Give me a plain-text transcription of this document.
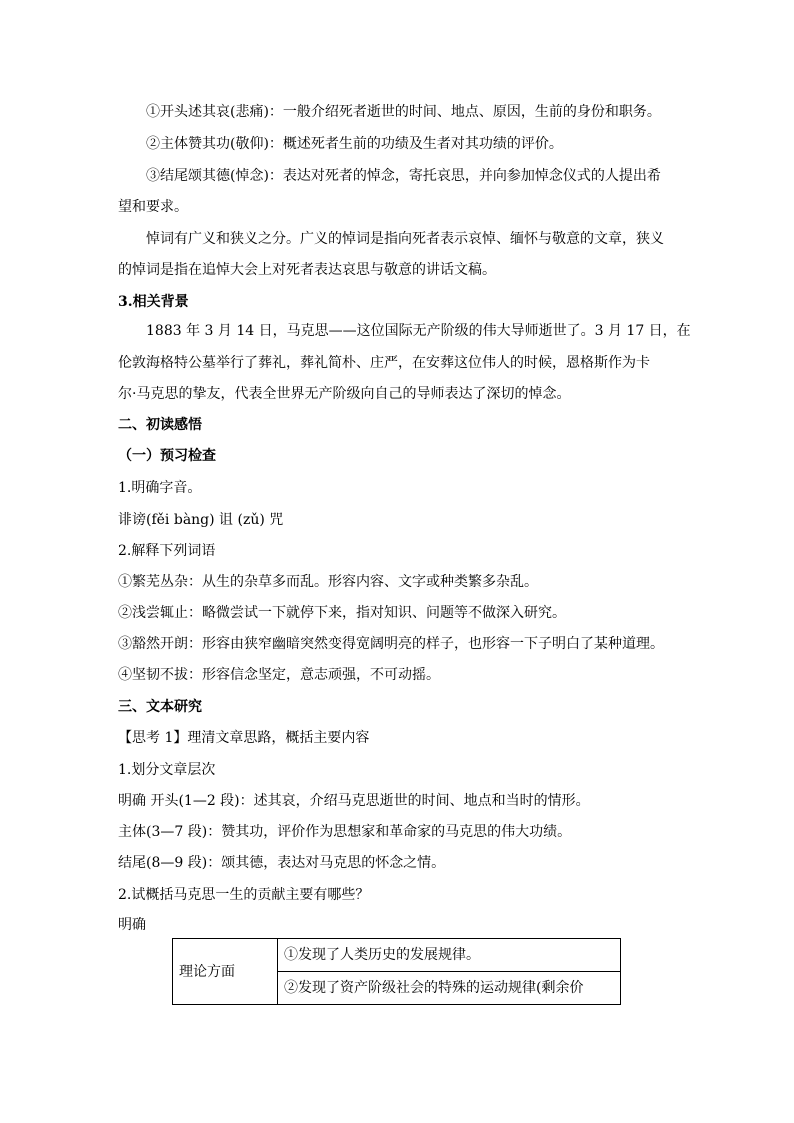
①开头述其哀(悲痛)：一般介绍死者逝世的时间、地点、原因，生前的身份和职务。
②主体赞其功(敬仰)：概述死者生前的功绩及生者对其功绩的评价。
③结尾颂其德(悼念)：表达对死者的悼念，寄托哀思，并向参加悼念仪式的人提出希
望和要求。
悼词有广义和狭义之分。广义的悼词是指向死者表示哀悼、缅怀与敬意的文章，狭义
的悼词是指在追悼大会上对死者表达哀思与敬意的讲话文稿。
3.相关背景
1883 年 3 月 14 日，马克思——这位国际无产阶级的伟大导师逝世了。3 月 17 日，在
伦敦海格特公墓举行了葬礼，葬礼简朴、庄严，在安葬这位伟人的时候，恩格斯作为卡
尔·马克思的挚友，代表全世界无产阶级向自己的导师表达了深切的悼念。
二、初读感悟
（一）预习检查
1.明确字音。
诽谤(fěi bàng) 诅 (zǔ) 咒
2.解释下列词语
①繁芜丛杂：从生的杂草多而乱。形容内容、文字或种类繁多杂乱。
②浅尝辄止：略微尝试一下就停下来，指对知识、问题等不做深入研究。
③豁然开朗：形容由狭窄幽暗突然变得宽阔明亮的样子，也形容一下子明白了某种道理。
④坚韧不拔：形容信念坚定，意志顽强，不可动摇。
三、文本研究
【思考 1】理清文章思路，概括主要内容
1.划分文章层次
明确 开头(1—2 段)：述其哀，介绍马克思逝世的时间、地点和当时的情形。
主体(3—7 段)：赞其功，评价作为思想家和革命家的马克思的伟大功绩。
结尾(8—9 段)：颂其德，表达对马克思的怀念之情。
2.试概括马克思一生的贡献主要有哪些？
明确
理论方面	①发现了人类历史的发展规律。
②发现了资产阶级社会的特殊的运动规律(剩余价
